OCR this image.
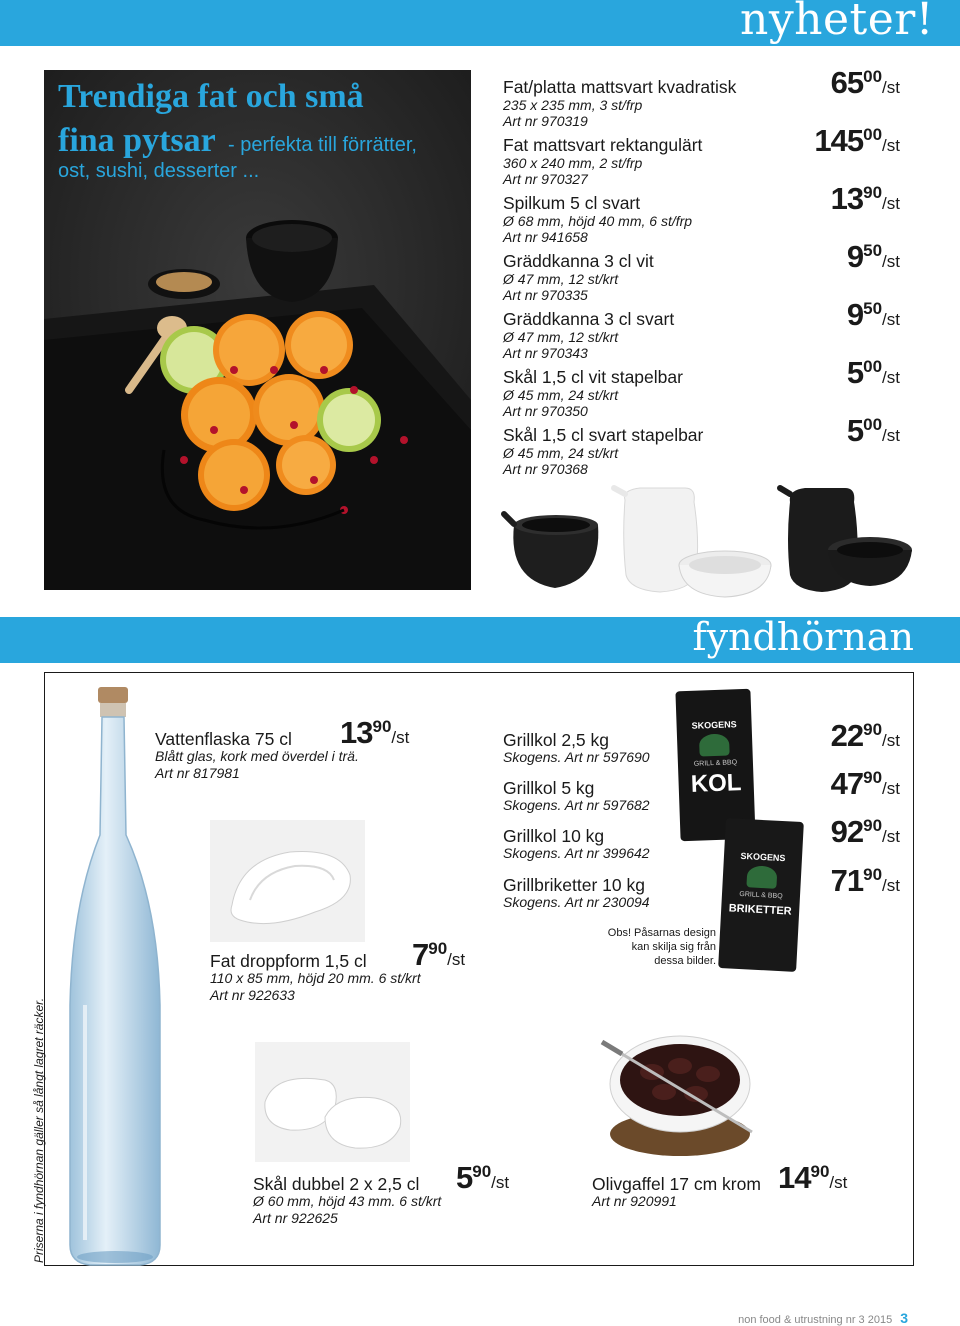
nyheter!
Trendiga fat och små
fina pytsar - perfekta till förrätter,
ost, sushi, desserter ...
Fat/platta mattsvart kvadratisk
235 x 235 mm, 3 st/frp
Art nr 970319
6500/st
Fat mattsvart rektangulärt
360 x 240 mm, 2 st/frp
Art nr 970327
14500/st
Spilkum 5 cl svart
Ø 68 mm, höjd 40 mm, 6 st/frp
Art nr 941658
1390/st
Gräddkanna 3 cl vit
Ø 47 mm, 12 st/krt
Art nr 970335
950/st
Gräddkanna 3 cl svart
Ø 47 mm, 12 st/krt
Art nr 970343
950/st
Skål 1,5 cl vit stapelbar
Ø 45 mm, 24 st/krt
Art nr 970350
500/st
Skål 1,5 cl svart stapelbar
Ø 45 mm, 24 st/krt
Art nr 970368
500/st
fyndhörnan
Priserna i fyndhörnan gäller så långt lagret räcker.
Vattenflaska 75 cl 1390/st
Blått glas, kork med överdel i trä.
Art nr 817981
Fat droppform 1,5 cl 790/st
110 x 85 mm, höjd 20 mm. 6 st/krt
Art nr 922633
Skål dubbel 2 x 2,5 cl 590/st
Ø 60 mm, höjd 43 mm. 6 st/krt
Art nr 922625
Grillkol 2,5 kg
Skogens. Art nr 597690
2290/st
Grillkol 5 kg
Skogens. Art nr 597682
4790/st
Grillkol 10 kg
Skogens. Art nr 399642
9290/st
Grillbriketter 10 kg
Skogens. Art nr 230094
7190/st
SKOGENS
GRILL & BBQ
KOL
SKOGENS
GRILL & BBQ
BRIKETTER
Obs! Påsarnas design
kan skilja sig från
dessa bilder.
Olivgaffel 17 cm krom 1490/st
Art nr 920991
non food & utrustning nr 3 2015 3
